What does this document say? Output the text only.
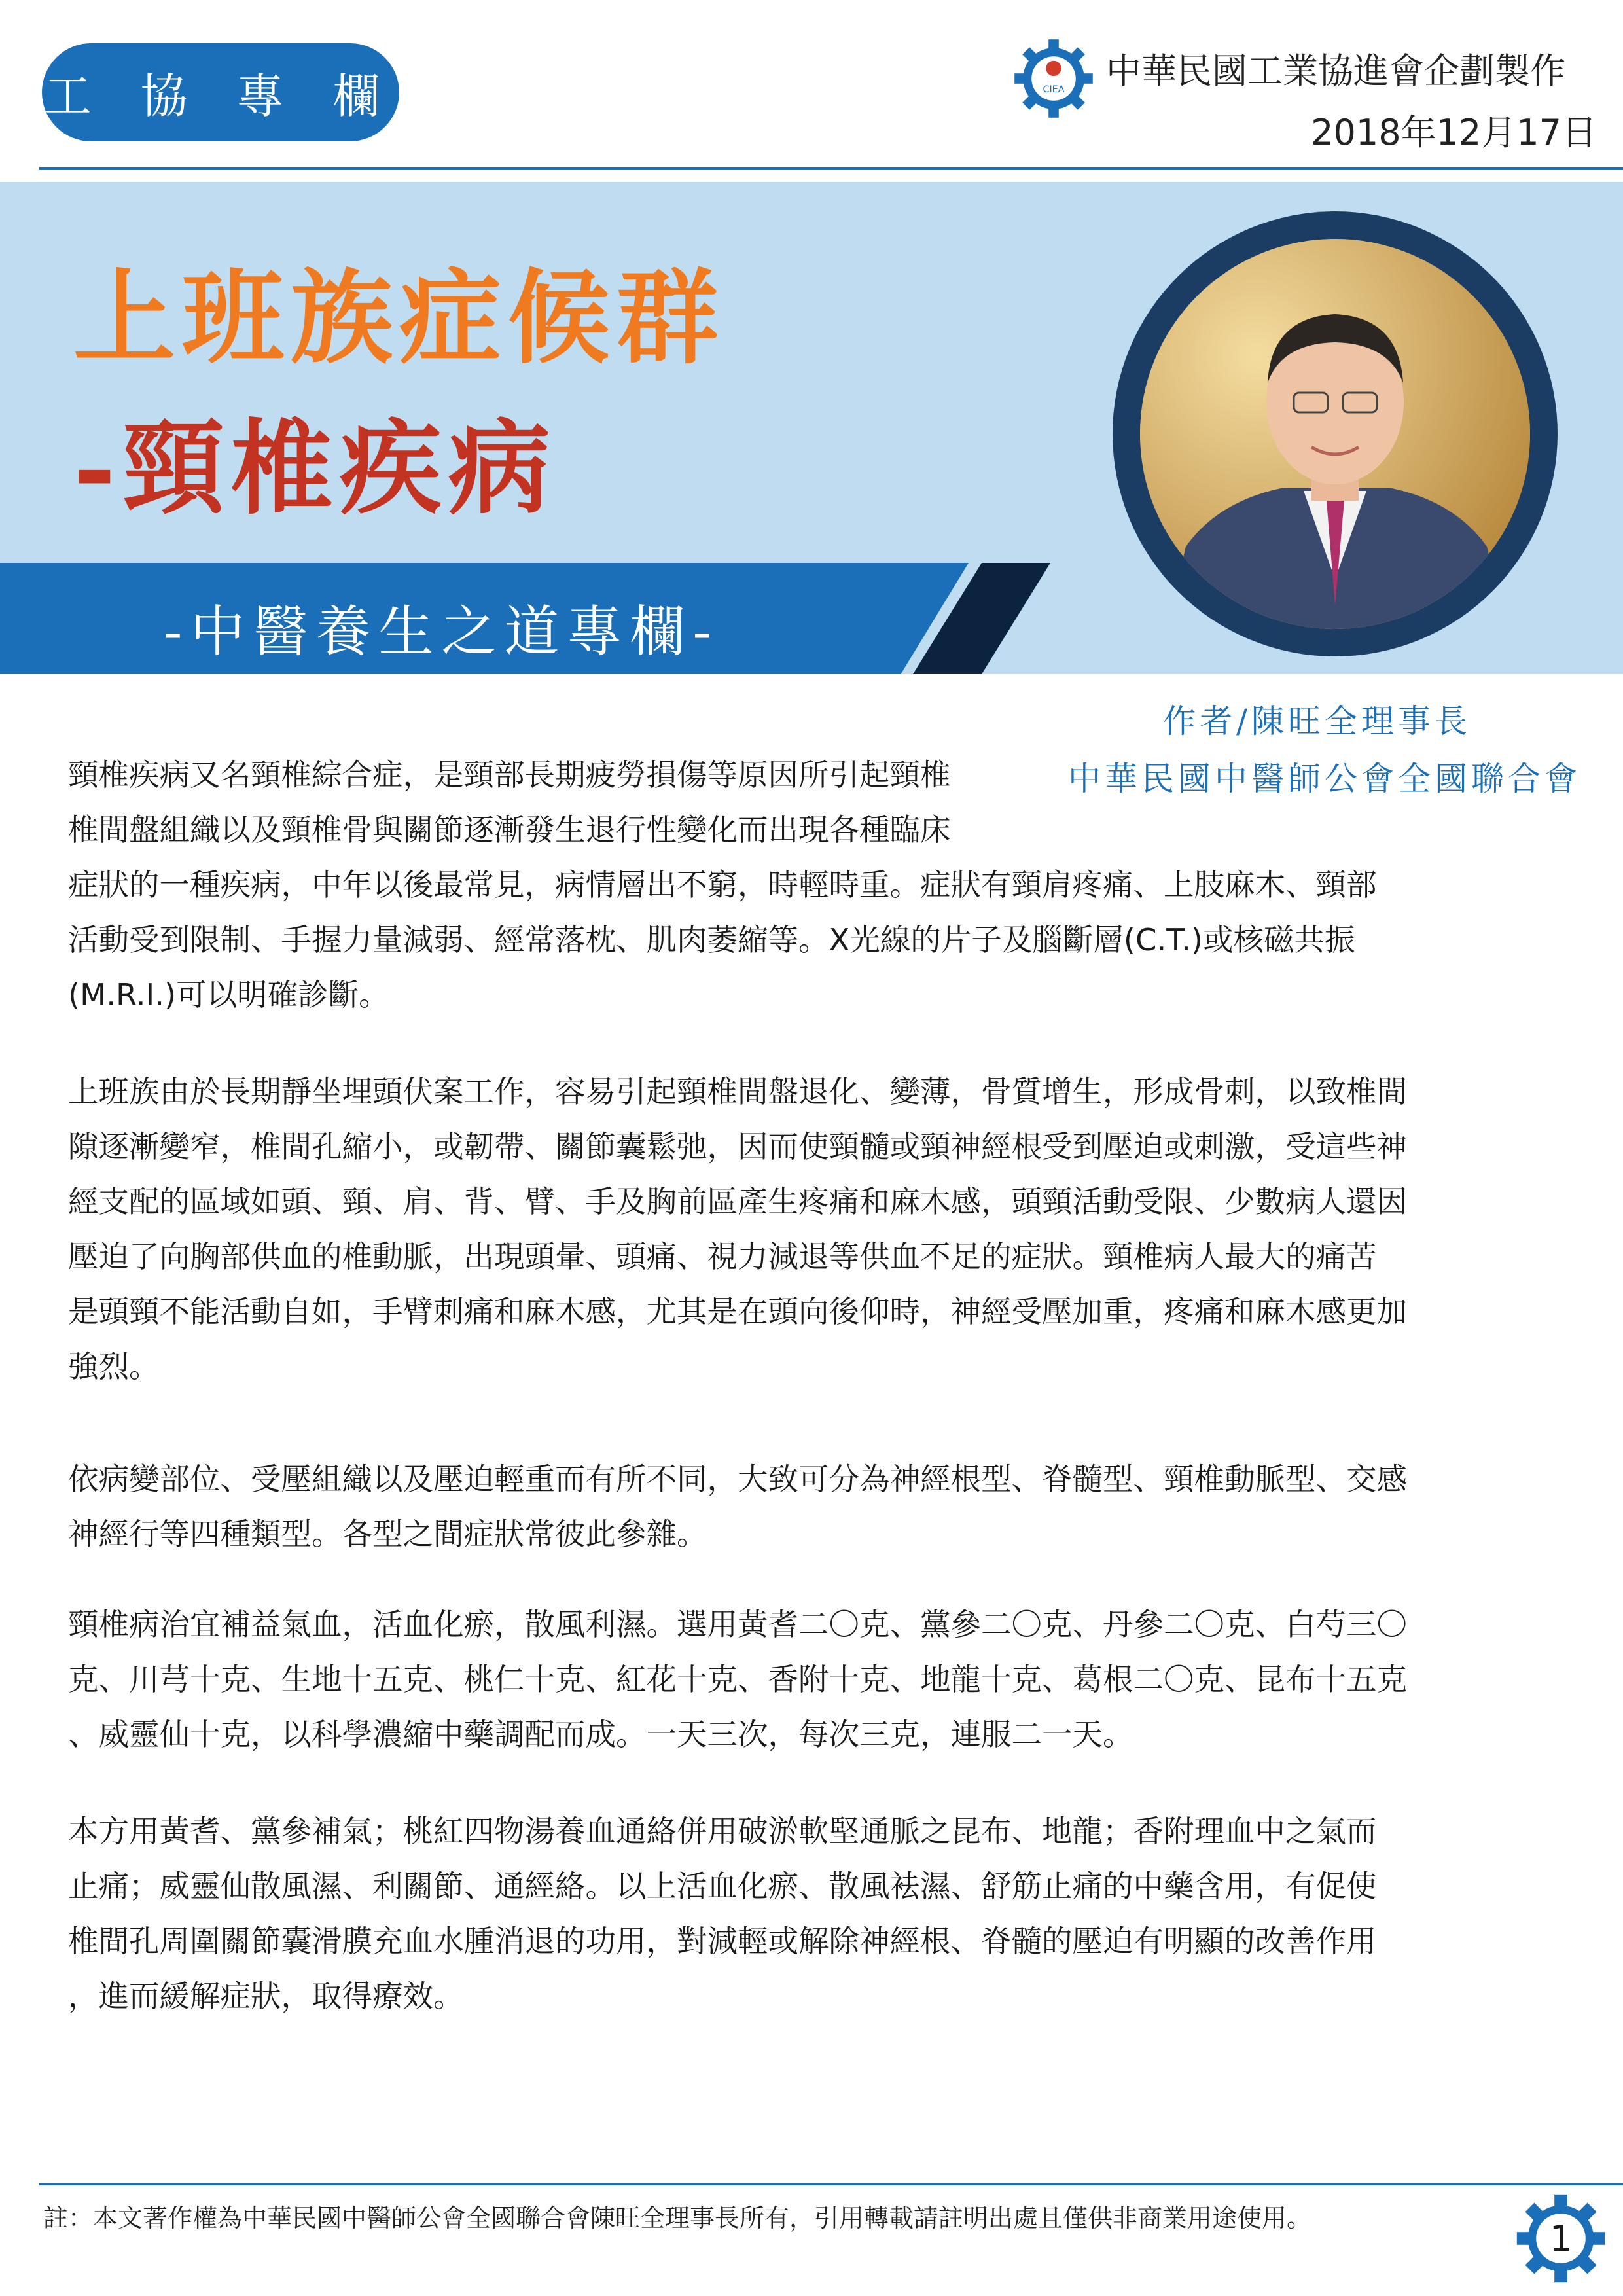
工 協 專 欄	CIEA 中華民國工業協進會企劃製作
2018年12月17日
上班族症候群
-頸椎疾病
-中醫養生之道專欄-
作者/陳旺全理事長
中華民國中醫師公會全國聯合會
頸椎疾病又名頸椎綜合症，是頸部長期疲勞損傷等原因所引起頸椎
椎間盤組織以及頸椎骨與關節逐漸發生退行性變化而出現各種臨床
症狀的一種疾病，中年以後最常見，病情層出不窮，時輕時重。症狀有頸肩疼痛、上肢麻木、頸部
活動受到限制、手握力量減弱、經常落枕、肌肉萎縮等。X光線的片子及腦斷層(C.T.)或核磁共振
(M.R.I.)可以明確診斷。
上班族由於長期靜坐埋頭伏案工作，容易引起頸椎間盤退化、變薄，骨質增生，形成骨刺，以致椎間
隙逐漸變窄，椎間孔縮小，或韌帶、關節囊鬆弛，因而使頸髓或頸神經根受到壓迫或刺激，受這些神
經支配的區域如頭、頸、肩、背、臂、手及胸前區產生疼痛和麻木感，頭頸活動受限、少數病人還因
壓迫了向胸部供血的椎動脈，出現頭暈、頭痛、視力減退等供血不足的症狀。頸椎病人最大的痛苦
是頭頸不能活動自如，手臂刺痛和麻木感，尤其是在頭向後仰時，神經受壓加重，疼痛和麻木感更加
強烈。
依病變部位、受壓組織以及壓迫輕重而有所不同，大致可分為神經根型、脊髓型、頸椎動脈型、交感
神經行等四種類型。各型之間症狀常彼此參雜。
頸椎病治宜補益氣血，活血化瘀，散風利濕。選用黃耆二〇克、黨參二〇克、丹參二〇克、白芍三〇
克、川芎十克、生地十五克、桃仁十克、紅花十克、香附十克、地龍十克、葛根二〇克、昆布十五克
、威靈仙十克，以科學濃縮中藥調配而成。一天三次，每次三克，連服二一天。
本方用黃耆、黨參補氣；桃紅四物湯養血通絡併用破淤軟堅通脈之昆布、地龍；香附理血中之氣而
止痛；威靈仙散風濕、利關節、通經絡。以上活血化瘀、散風袪濕、舒筋止痛的中藥含用，有促使
椎間孔周圍關節囊滑膜充血水腫消退的功用，對減輕或解除神經根、脊髓的壓迫有明顯的改善作用
，進而緩解症狀，取得療效。
註：本文著作權為中華民國中醫師公會全國聯合會陳旺全理事長所有，引用轉載請註明出處且僅供非商業用途使用。	1
